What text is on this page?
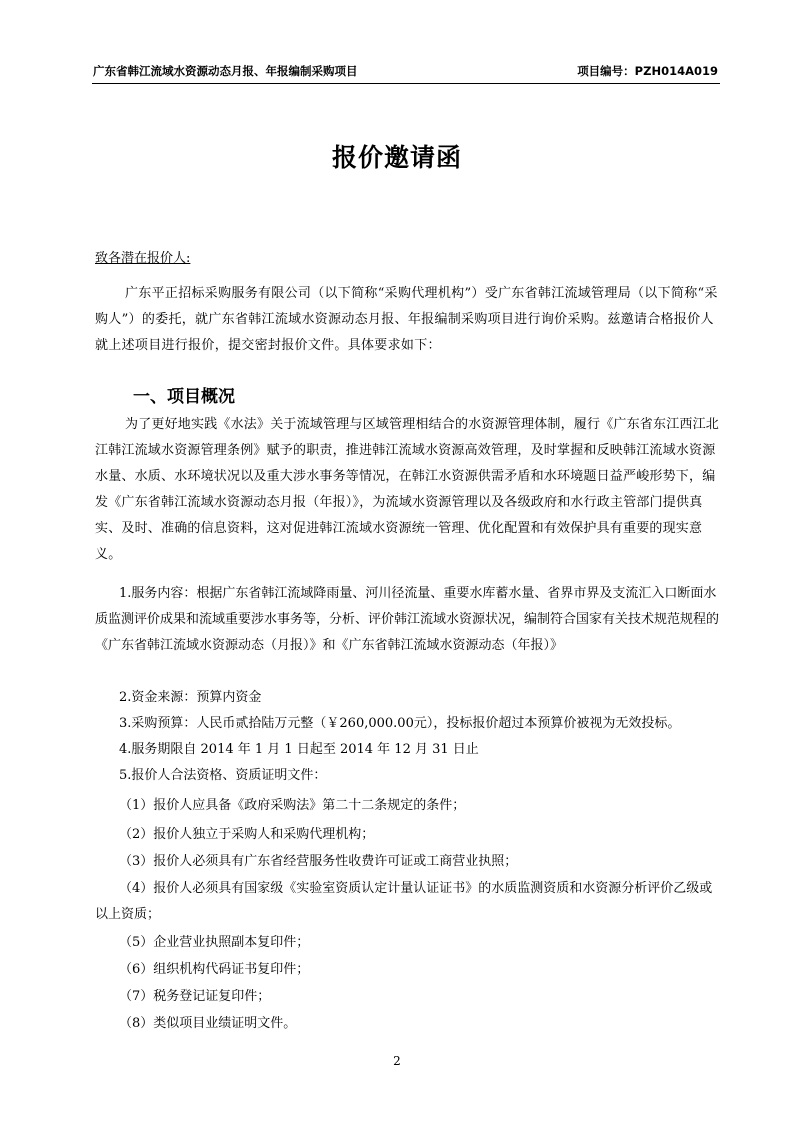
广东省韩江流域水资源动态月报、年报编制采购项目	项目编号：PZH014A019
报价邀请函

致各潜在报价人:

广东平正招标采购服务有限公司（以下简称“采购代理机构”）受广东省韩江流域管理局（以下简称“采购人”）的委托，就广东省韩江流域水资源动态月报、年报编制采购项目进行询价采购。兹邀请合格报价人就上述项目进行报价，提交密封报价文件。具体要求如下：

一、项目概况

为了更好地实践《水法》关于流域管理与区域管理相结合的水资源管理体制，履行《广东省东江西江北江韩江流域水资源管理条例》赋予的职责，推进韩江流域水资源高效管理，及时掌握和反映韩江流域水资源水量、水质、水环境状况以及重大涉水事务等情况，在韩江水资源供需矛盾和水环境题日益严峻形势下，编发《广东省韩江流域水资源动态月报（年报）》，为流域水资源管理以及各级政府和水行政主管部门提供真实、及时、准确的信息资料，这对促进韩江流域水资源统一管理、优化配置和有效保护具有重要的现实意义。

1.服务内容：根据广东省韩江流域降雨量、河川径流量、重要水库蓄水量、省界市界及支流汇入口断面水质监测评价成果和流域重要涉水事务等，分析、评价韩江流域水资源状况，编制符合国家有关技术规范规程的《广东省韩江流域水资源动态（月报）》和《广东省韩江流域水资源动态（年报）》

2.资金来源：预算内资金

3.采购预算：人民币贰拾陆万元整（￥260,000.00元），投标报价超过本预算价被视为无效投标。

4.服务期限自 2014 年 1 月 1 日起至 2014 年 12 月 31 日止

5.报价人合法资格、资质证明文件：

（1）报价人应具备《政府采购法》第二十二条规定的条件；

（2）报价人独立于采购人和采购代理机构；

（3）报价人必须具有广东省经营服务性收费许可证或工商营业执照；

（4）报价人必须具有国家级《实验室资质认定计量认证证书》的水质监测资质和水资源分析评价乙级或以上资质；

（5）企业营业执照副本复印件；

（6）组织机构代码证书复印件；

（7）税务登记证复印件；

（8）类似项目业绩证明文件。

2
